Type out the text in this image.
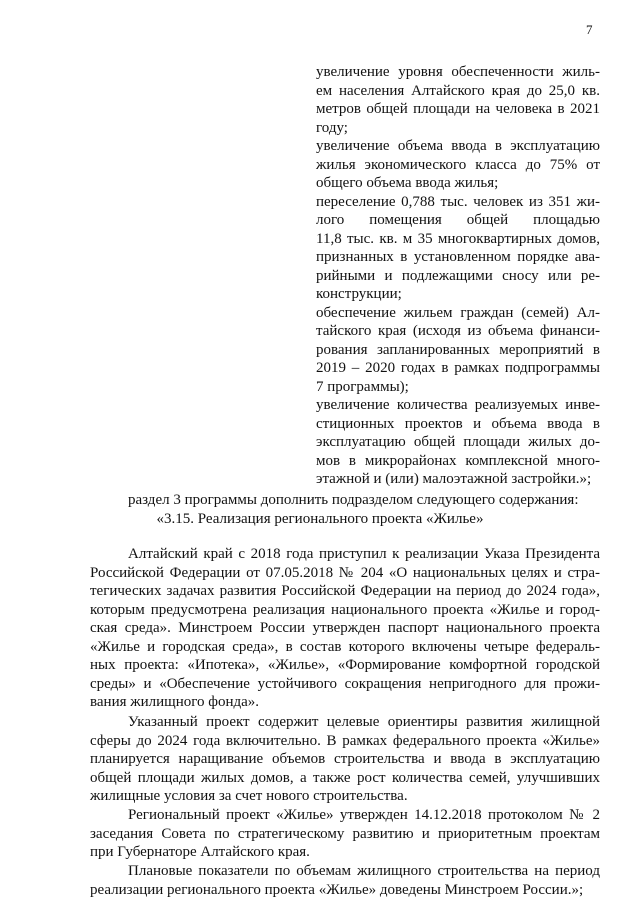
7
увеличение уровня обеспеченности жиль-
ем населения Алтайского края до 25,0 кв.
метров общей площади на человека в 2021
году;
увеличение объема ввода в эксплуатацию
жилья экономического класса до 75% от
общего объема ввода жилья;
переселение 0,788 тыс. человек из 351 жи-
лого      помещения      общей      площадью
11,8 тыс. кв. м 35 многоквартирных домов,
признанных в установленном порядке ава-
рийными и подлежащими сносу или ре-
конструкции;
обеспечение жильем граждан (семей) Ал-
тайского края (исходя из объема финанси-
рования запланированных мероприятий в
2019 – 2020 годах в рамках подпрограммы
7 программы);
увеличение количества реализуемых инве-
стиционных проектов и объема ввода в
эксплуатацию общей площади жилых до-
мов в микрорайонах комплексной много-
этажной и (или) малоэтажной застройки.»;
раздел 3 программы дополнить подразделом следующего содержания:
«3.15. Реализация регионального проекта «Жилье»
Алтайский край с 2018 года приступил к реализации Указа Президента
Российской Федерации от 07.05.2018 № 204 «О национальных целях и стра-
тегических задачах развития Российской Федерации на период до 2024 года»,
которым предусмотрена реализация национального проекта «Жилье и город-
ская среда». Минстроем России утвержден паспорт национального проекта
«Жилье и городская среда», в состав которого включены четыре федераль-
ных проекта: «Ипотека», «Жилье», «Формирование комфортной городской
среды» и «Обеспечение устойчивого сокращения непригодного для прожи-
вания жилищного фонда».
Указанный проект содержит целевые ориентиры развития жилищной
сферы до 2024 года включительно. В рамках федерального проекта «Жилье»
планируется наращивание объемов строительства и ввода в эксплуатацию
общей площади жилых домов, а также рост количества семей, улучшивших
жилищные условия за счет нового строительства.
Региональный проект «Жилье» утвержден 14.12.2018 протоколом № 2
заседания Совета по стратегическому развитию и приоритетным проектам
при Губернаторе Алтайского края.
Плановые показатели по объемам жилищного строительства на период
реализации регионального проекта «Жилье» доведены Минстроем России.»;
